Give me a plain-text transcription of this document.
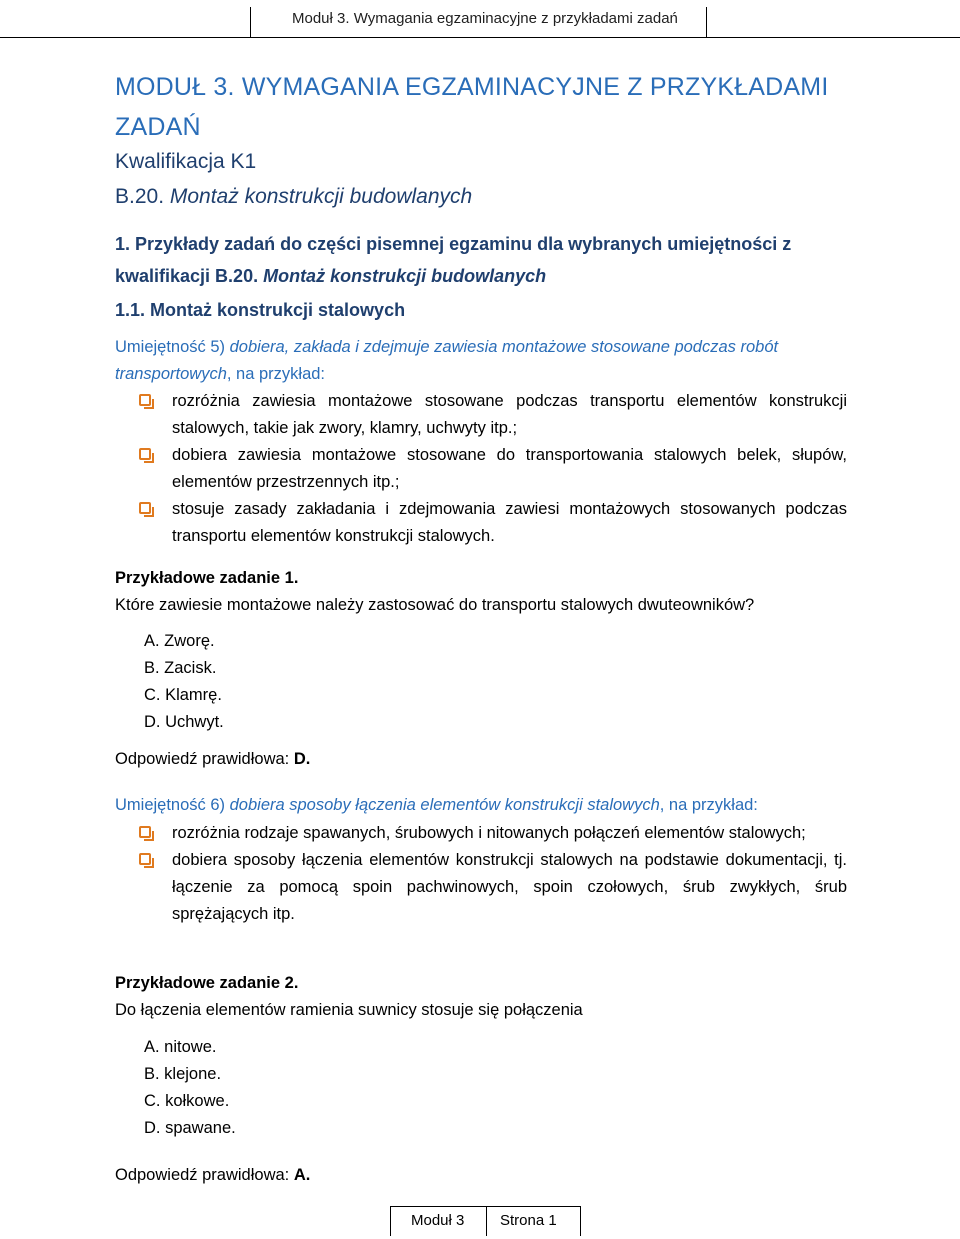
Moduł 3. Wymagania egzaminacyjne z przykładami zadań
MODUŁ 3. WYMAGANIA EGZAMINACYJNE Z PRZYKŁADAMI ZADAŃ
Kwalifikacja K1
B.20. Montaż konstrukcji budowlanych
1. Przykłady zadań do części pisemnej egzaminu dla wybranych umiejętności z kwalifikacji B.20. Montaż konstrukcji budowlanych
1.1. Montaż konstrukcji stalowych
Umiejętność 5) dobiera, zakłada i zdejmuje zawiesia montażowe stosowane podczas robót transportowych, na przykład:
rozróżnia zawiesia montażowe stosowane podczas transportu elementów konstrukcji stalowych, takie jak zwory, klamry, uchwyty itp.;
dobiera zawiesia montażowe stosowane do transportowania stalowych belek, słupów, elementów przestrzennych itp.;
stosuje zasady zakładania i zdejmowania zawiesi montażowych stosowanych podczas transportu elementów konstrukcji stalowych.
Przykładowe zadanie 1.
Które zawiesie montażowe należy zastosować do transportu stalowych dwuteowników?
A. Zworę.
B. Zacisk.
C. Klamrę.
D. Uchwyt.
Odpowiedź prawidłowa: D.
Umiejętność 6) dobiera sposoby łączenia elementów konstrukcji stalowych, na przykład:
rozróżnia rodzaje spawanych, śrubowych i nitowanych połączeń elementów stalowych;
dobiera sposoby łączenia elementów konstrukcji stalowych na podstawie dokumentacji, tj. łączenie za pomocą spoin pachwinowych, spoin czołowych, śrub zwykłych, śrub sprężających itp.
Przykładowe zadanie 2.
Do łączenia elementów ramienia suwnicy stosuje się połączenia
A. nitowe.
B. klejone.
C. kołkowe.
D. spawane.
Odpowiedź prawidłowa: A.
Moduł 3 Strona 1
